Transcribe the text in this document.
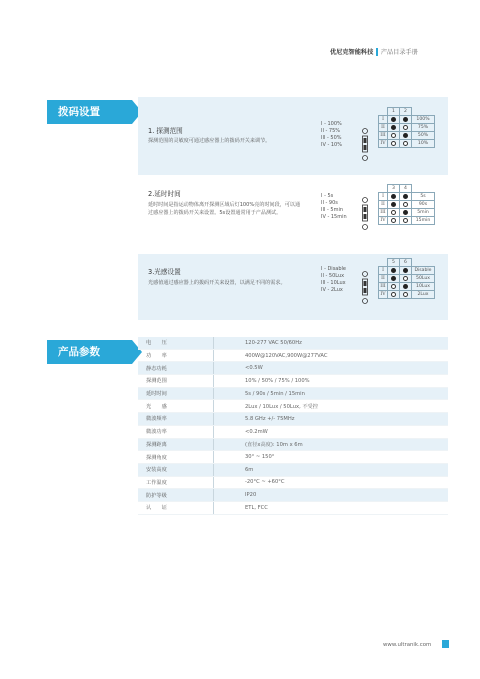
优尼克智能科技 产品目录手册
拨码设置
1. 探测范围
探测范围的灵敏度可通过感应器上的拨码开关来调节。
I - 100%
II - 75%
III - 50%
IV - 10%
	1	2	
I			100%
II			75%
III			50%
IV			10%
2.延时时间
延时时间是指运动物体离开探测区域后灯100%亮的时间段，可以通过感应器上的拨码开关来设置。5s设置通常用于产品测试。
I - 5s
II - 90s
III - 5min
IV - 15min
	3	4	
I			5s
II			90s
III			5min
IV			15min
3.光感设置
光感值通过感应器上的拨码开关来设置，以满足不同的需求。
I - Disable
II - 50Lux
III - 10Lux
IV - 2Lux
	5	6	
I			Disable
II			50Lux
III			10Lux
IV			2Lux
产品参数
电　　压	120-277 VAC 50/60Hz
功　　率	400W@120VAC,900W@277VAC
静态功耗	<0.5W
探测范围	10% / 50% / 75% / 100%
延时时间	5s / 90s / 5min / 15min
光　　感	2Lux / 10Lux / 50Lux, 不受控
微波频率	5.8 GHz +/- 75MHz
微波功率	<0.2mW
探测距离	(直径x高度): 10m x 6m
探测角度	30° ~ 150°
安装高度	6m
工作温度	-20°C ~ +60°C
防护等级	IP20
认　　证	ETL, FCC
www.ultranik.com
